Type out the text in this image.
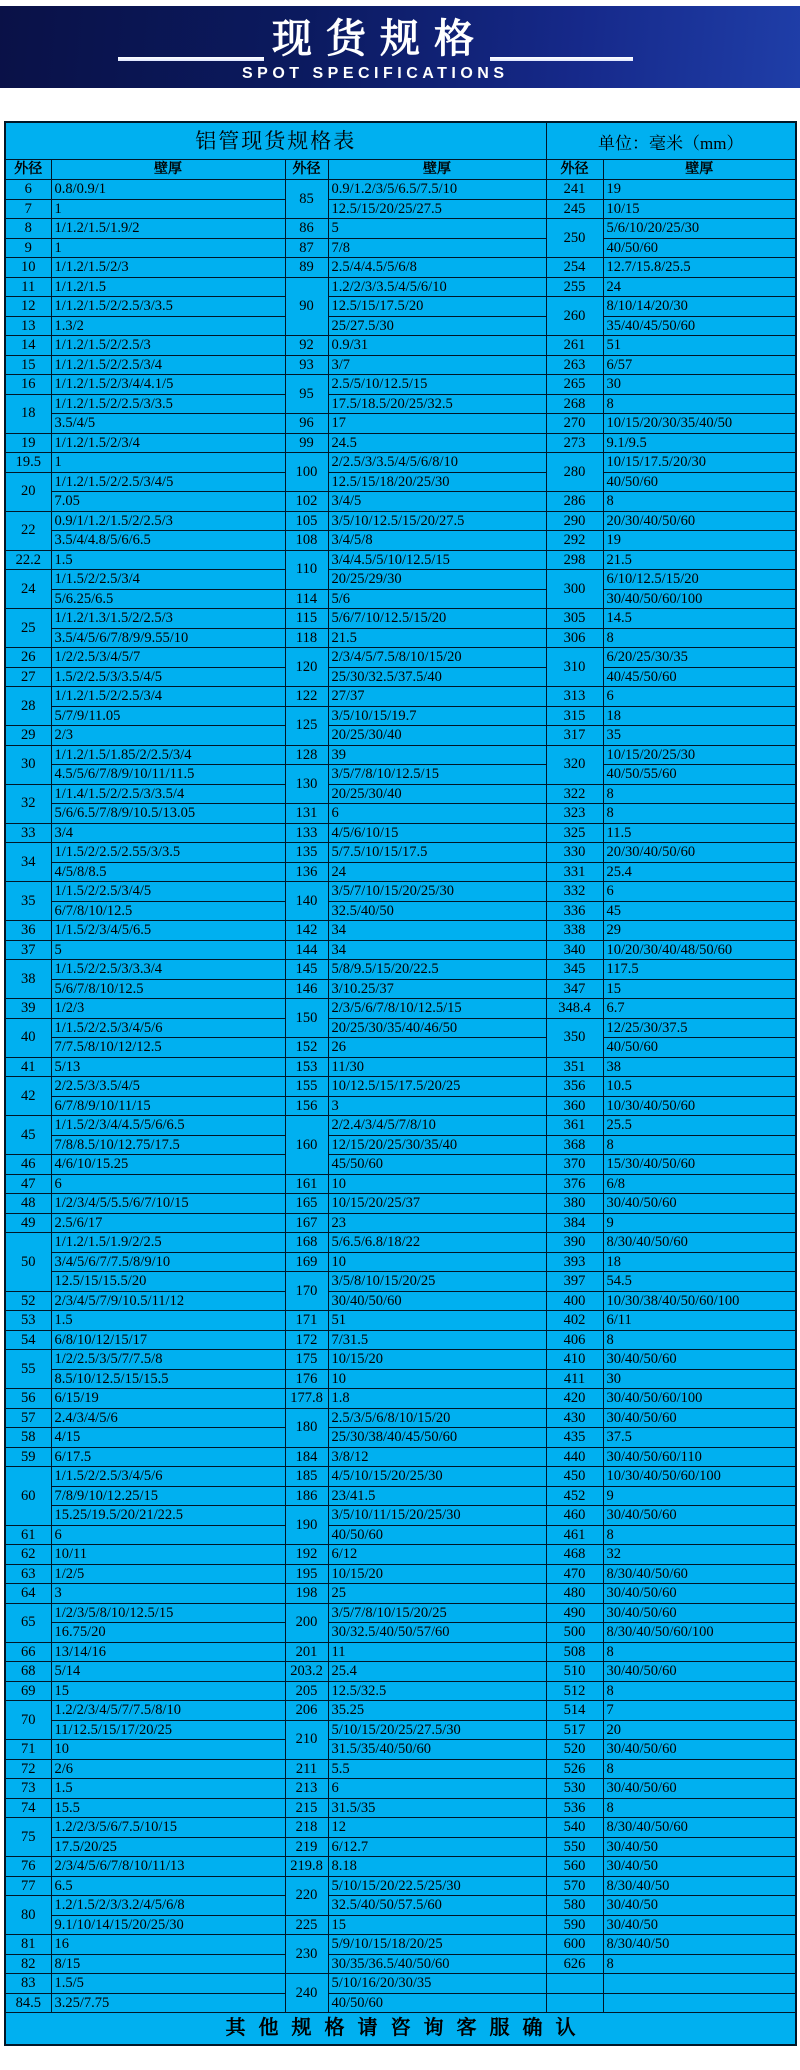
现货规格
SPOT SPECIFICATIONS
铝管现货规格表				单位：毫米（mm）	
外径	壁厚	外径	壁厚	外径	壁厚
6	0.8/0.9/1	85	0.9/1.2/3/5/6.5/7.5/10	241	19
7	1		12.5/15/20/25/27.5	245	10/15
8	1/1.2/1.5/1.9/2	86	5	250	5/6/10/20/25/30
9	1	87	7/8		40/50/60
10	1/1.2/1.5/2/3	89	2.5/4/4.5/5/6/8	254	12.7/15.8/25.5
11	1/1.2/1.5	90	1.2/2/3/3.5/4/5/6/10	255	24
12	1/1.2/1.5/2/2.5/3/3.5		12.5/15/17.5/20	260	8/10/14/20/30
13	1.3/2		25/27.5/30		35/40/45/50/60
14	1/1.2/1.5/2/2.5/3	92	0.9/31	261	51
15	1/1.2/1.5/2/2.5/3/4	93	3/7	263	6/57
16	1/1.2/1.5/2/3/4/4.1/5	95	2.5/5/10/12.5/15	265	30
18	1/1.2/1.5/2/2.5/3/3.5		17.5/18.5/20/25/32.5	268	8
	3.5/4/5	96	17	270	10/15/20/30/35/40/50
19	1/1.2/1.5/2/3/4	99	24.5	273	9.1/9.5
19.5	1	100	2/2.5/3/3.5/4/5/6/8/10	280	10/15/17.5/20/30
20	1/1.2/1.5/2/2.5/3/4/5		12.5/15/18/20/25/30		40/50/60
	7.05	102	3/4/5	286	8
22	0.9/1/1.2/1.5/2/2.5/3	105	3/5/10/12.5/15/20/27.5	290	20/30/40/50/60
	3.5/4/4.8/5/6/6.5	108	3/4/5/8	292	19
22.2	1.5	110	3/4/4.5/5/10/12.5/15	298	21.5
24	1/1.5/2/2.5/3/4		20/25/29/30	300	6/10/12.5/15/20
	5/6.25/6.5	114	5/6		30/40/50/60/100
25	1/1.2/1.3/1.5/2/2.5/3	115	5/6/7/10/12.5/15/20	305	14.5
	3.5/4/5/6/7/8/9/9.55/10	118	21.5	306	8
26	1/2/2.5/3/4/5/7	120	2/3/4/5/7.5/8/10/15/20	310	6/20/25/30/35
27	1.5/2/2.5/3/3.5/4/5		25/30/32.5/37.5/40		40/45/50/60
28	1/1.2/1.5/2/2.5/3/4	122	27/37	313	6
	5/7/9/11.05	125	3/5/10/15/19.7	315	18
29	2/3		20/25/30/40	317	35
30	1/1.2/1.5/1.85/2/2.5/3/4	128	39	320	10/15/20/25/30
	4.5/5/6/7/8/9/10/11/11.5	130	3/5/7/8/10/12.5/15		40/50/55/60
32	1/1.4/1.5/2/2.5/3/3.5/4		20/25/30/40	322	8
	5/6/6.5/7/8/9/10.5/13.05	131	6	323	8
33	3/4	133	4/5/6/10/15	325	11.5
34	1/1.5/2/2.5/2.55/3/3.5	135	5/7.5/10/15/17.5	330	20/30/40/50/60
	4/5/8/8.5	136	24	331	25.4
35	1/1.5/2/2.5/3/4/5	140	3/5/7/10/15/20/25/30	332	6
	6/7/8/10/12.5		32.5/40/50	336	45
36	1/1.5/2/3/4/5/6.5	142	34	338	29
37	5	144	34	340	10/20/30/40/48/50/60
38	1/1.5/2/2.5/3/3.3/4	145	5/8/9.5/15/20/22.5	345	117.5
	5/6/7/8/10/12.5	146	3/10.25/37	347	15
39	1/2/3	150	2/3/5/6/7/8/10/12.5/15	348.4	6.7
40	1/1.5/2/2.5/3/4/5/6		20/25/30/35/40/46/50	350	12/25/30/37.5
	7/7.5/8/10/12/12.5	152	26		40/50/60
41	5/13	153	11/30	351	38
42	2/2.5/3/3.5/4/5	155	10/12.5/15/17.5/20/25	356	10.5
	6/7/8/9/10/11/15	156	3	360	10/30/40/50/60
45	1/1.5/2/3/4/4.5/5/6/6.5	160	2/2.4/3/4/5/7/8/10	361	25.5
	7/8/8.5/10/12.75/17.5		12/15/20/25/30/35/40	368	8
46	4/6/10/15.25		45/50/60	370	15/30/40/50/60
47	6	161	10	376	6/8
48	1/2/3/4/5/5.5/6/7/10/15	165	10/15/20/25/37	380	30/40/50/60
49	2.5/6/17	167	23	384	9
50	1/1.2/1.5/1.9/2/2.5	168	5/6.5/6.8/18/22	390	8/30/40/50/60
	3/4/5/6/7/7.5/8/9/10	169	10	393	18
	12.5/15/15.5/20	170	3/5/8/10/15/20/25	397	54.5
52	2/3/4/5/7/9/10.5/11/12		30/40/50/60	400	10/30/38/40/50/60/100
53	1.5	171	51	402	6/11
54	6/8/10/12/15/17	172	7/31.5	406	8
55	1/2/2.5/3/5/7/7.5/8	175	10/15/20	410	30/40/50/60
	8.5/10/12.5/15/15.5	176	10	411	30
56	6/15/19	177.8	1.8	420	30/40/50/60/100
57	2.4/3/4/5/6	180	2.5/3/5/6/8/10/15/20	430	30/40/50/60
58	4/15		25/30/38/40/45/50/60	435	37.5
59	6/17.5	184	3/8/12	440	30/40/50/60/110
60	1/1.5/2/2.5/3/4/5/6	185	4/5/10/15/20/25/30	450	10/30/40/50/60/100
	7/8/9/10/12.25/15	186	23/41.5	452	9
	15.25/19.5/20/21/22.5	190	3/5/10/11/15/20/25/30	460	30/40/50/60
61	6		40/50/60	461	8
62	10/11	192	6/12	468	32
63	1/2/5	195	10/15/20	470	8/30/40/50/60
64	3	198	25	480	30/40/50/60
65	1/2/3/5/8/10/12.5/15	200	3/5/7/8/10/15/20/25	490	30/40/50/60
	16.75/20		30/32.5/40/50/57/60	500	8/30/40/50/60/100
66	13/14/16	201	11	508	8
68	5/14	203.2	25.4	510	30/40/50/60
69	15	205	12.5/32.5	512	8
70	1.2/2/3/4/5/7/7.5/8/10	206	35.25	514	7
	11/12.5/15/17/20/25	210	5/10/15/20/25/27.5/30	517	20
71	10		31.5/35/40/50/60	520	30/40/50/60
72	2/6	211	5.5	526	8
73	1.5	213	6	530	30/40/50/60
74	15.5	215	31.5/35	536	8
75	1.2/2/3/5/6/7.5/10/15	218	12	540	8/30/40/50/60
	17.5/20/25	219	6/12.7	550	30/40/50
76	2/3/4/5/6/7/8/10/11/13	219.8	8.18	560	30/40/50
77	6.5	220	5/10/15/20/22.5/25/30	570	8/30/40/50
80	1.2/1.5/2/3/3.2/4/5/6/8		32.5/40/50/57.5/60	580	30/40/50
	9.1/10/14/15/20/25/30	225	15	590	30/40/50
81	16	230	5/9/10/15/18/20/25	600	8/30/40/50
82	8/15		30/35/36.5/40/50/60	626	8
83	1.5/5	240	5/10/16/20/30/35		
84.5	3.25/7.75		40/50/60		
其他规格请咨询客服确认					
